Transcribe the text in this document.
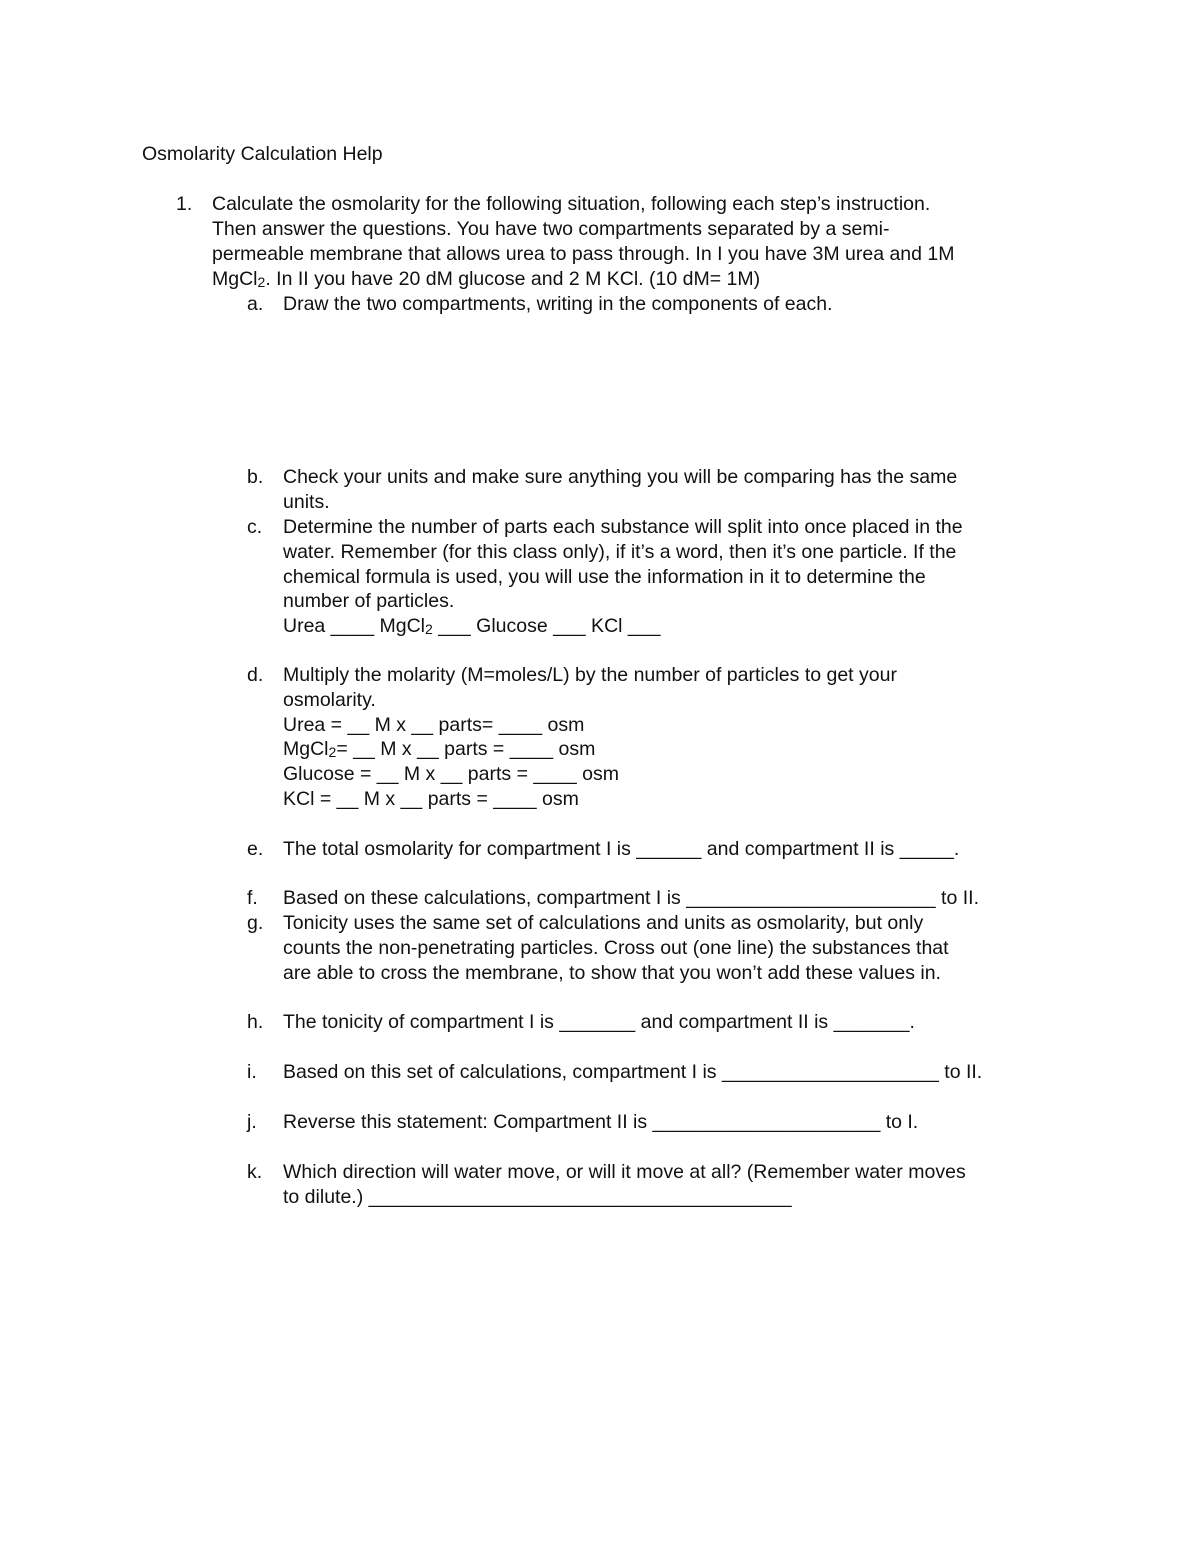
Osmolarity Calculation Help
1. Calculate the osmolarity for the following situation, following each step’s instruction.
Then answer the questions. You have two compartments separated by a semi-
permeable membrane that allows urea to pass through. In I you have 3M urea and 1M
MgCl$_2$. In II you have 20 dM glucose and 2 M KCl. (10 dM= 1M)
a. Draw the two compartments, writing in the components of each.
b. Check your units and make sure anything you will be comparing has the same
units.
c. Determine the number of parts each substance will split into once placed in the
water. Remember (for this class only), if it’s a word, then it’s one particle. If the
chemical formula is used, you will use the information in it to determine the
number of particles.
Urea ____ MgCl$_2$ ___ Glucose ___ KCl ___
d. Multiply the molarity (M=moles/L) by the number of particles to get your
osmolarity.
Urea = __ M x __ parts= ____ osm
MgCl$_2$= __ M x __ parts = ____ osm
Glucose = __ M x __ parts = ____ osm
KCl = __ M x __ parts = ____ osm
e. The total osmolarity for compartment I is ______ and compartment II is _____.
f. Based on these calculations, compartment I is _______________________ to II.
g. Tonicity uses the same set of calculations and units as osmolarity, but only
counts the non-penetrating particles. Cross out (one line) the substances that
are able to cross the membrane, to show that you won’t add these values in.
h. The tonicity of compartment I is _______ and compartment II is _______.
i. Based on this set of calculations, compartment I is ____________________ to II.
j. Reverse this statement: Compartment II is _____________________ to I.
k. Which direction will water move, or will it move at all? (Remember water moves
to dilute.) _______________________________________
